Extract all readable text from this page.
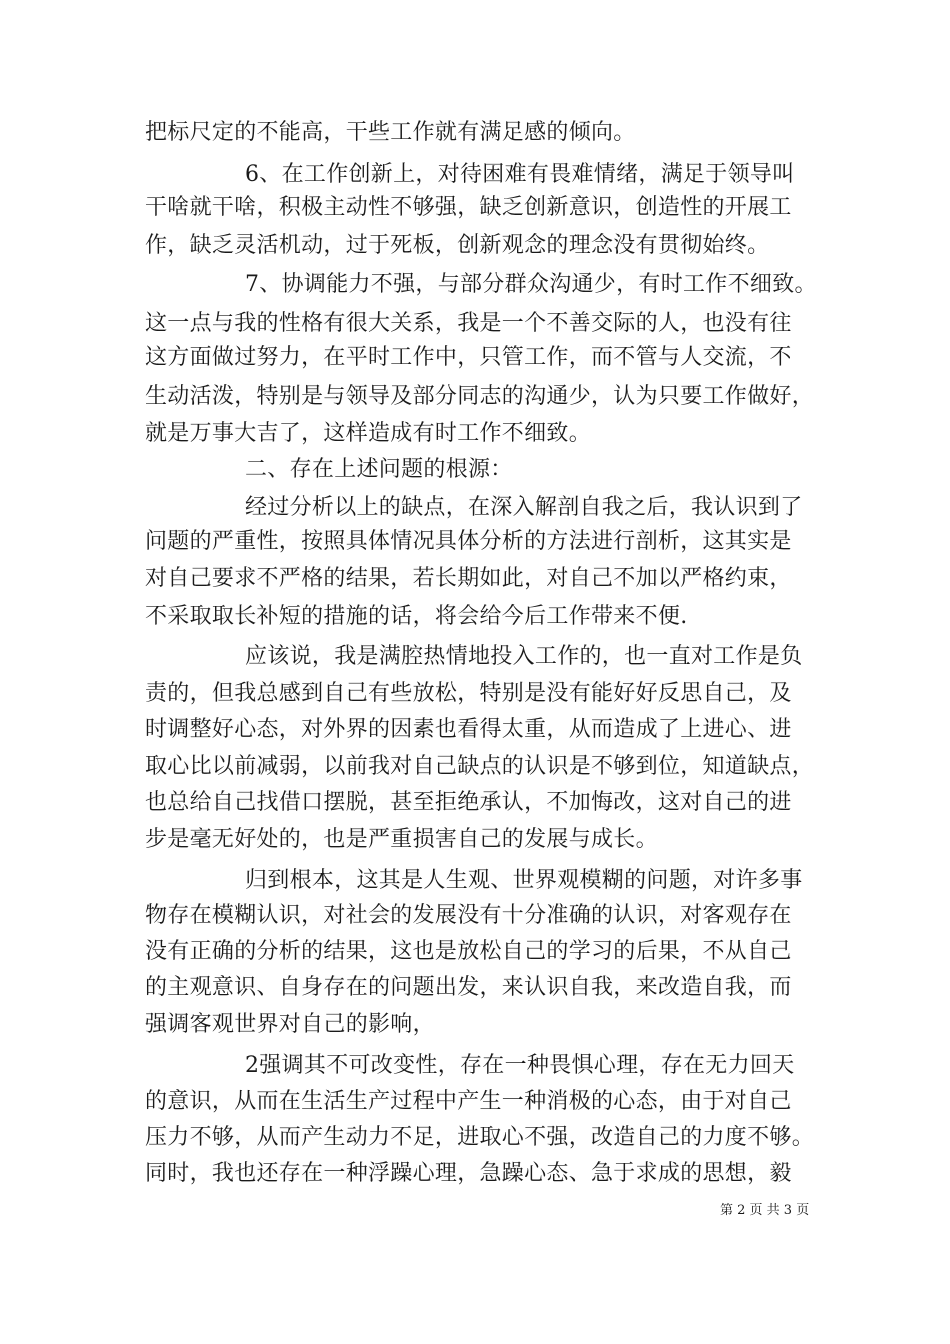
把标尺定的不能高，干些工作就有满足感的倾向。
6、在工作创新上，对待困难有畏难情绪，满足于领导叫
干啥就干啥，积极主动性不够强，缺乏创新意识，创造性的开展工
作，缺乏灵活机动，过于死板，创新观念的理念没有贯彻始终。
7、协调能力不强，与部分群众沟通少，有时工作不细致。
这一点与我的性格有很大关系，我是一个不善交际的人，也没有往
这方面做过努力，在平时工作中，只管工作，而不管与人交流，不
生动活泼，特别是与领导及部分同志的沟通少，认为只要工作做好，
就是万事大吉了，这样造成有时工作不细致。
二、存在上述问题的根源：
经过分析以上的缺点，在深入解剖自我之后，我认识到了
问题的严重性，按照具体情况具体分析的方法进行剖析，这其实是
对自己要求不严格的结果，若长期如此，对自己不加以严格约束，
不采取取长补短的措施的话，将会给今后工作带来不便.
应该说，我是满腔热情地投入工作的，也一直对工作是负
责的，但我总感到自己有些放松，特别是没有能好好反思自己，及
时调整好心态，对外界的因素也看得太重，从而造成了上进心、进
取心比以前减弱，以前我对自己缺点的认识是不够到位，知道缺点，
也总给自己找借口摆脱，甚至拒绝承认，不加悔改，这对自己的进
步是毫无好处的，也是严重损害自己的发展与成长。
归到根本，这其是人生观、世界观模糊的问题，对许多事
物存在模糊认识，对社会的发展没有十分准确的认识，对客观存在
没有正确的分析的结果，这也是放松自己的学习的后果，不从自己
的主观意识、自身存在的问题出发，来认识自我，来改造自我，而
强调客观世界对自己的影响，
2强调其不可改变性，存在一种畏惧心理，存在无力回天
的意识，从而在生活生产过程中产生一种消极的心态，由于对自己
压力不够，从而产生动力不足，进取心不强，改造自己的力度不够。
同时，我也还存在一种浮躁心理，急躁心态、急于求成的思想，毅
第 2 页 共 3 页
